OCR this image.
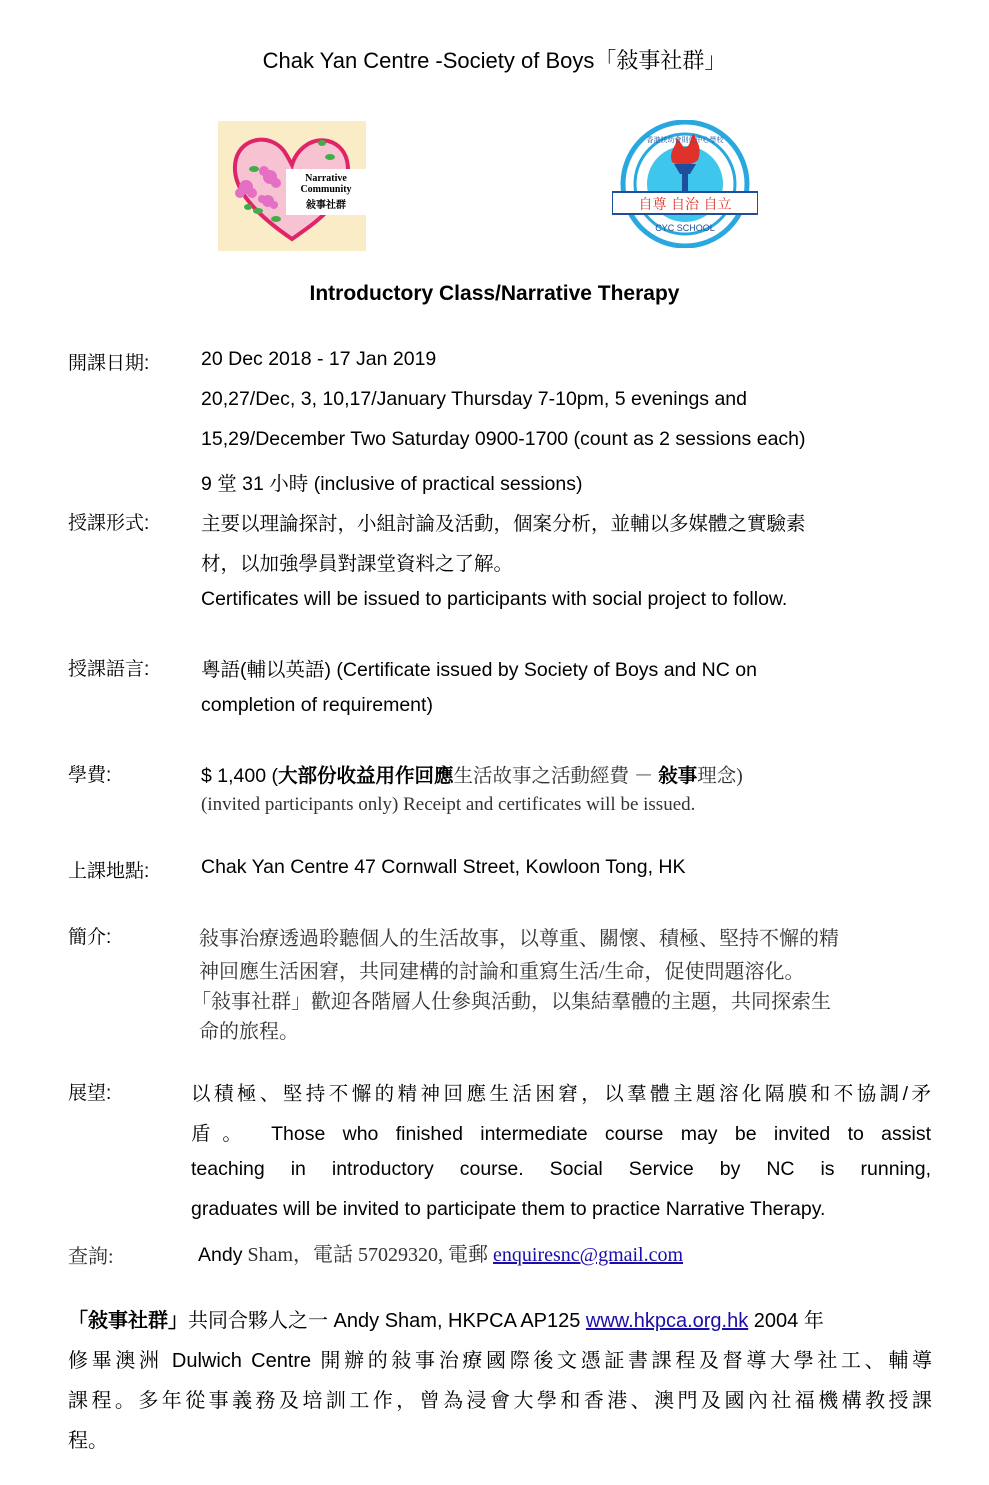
Chak Yan Centre -Society of Boys「敍事社群」
Narrative
Community
敍事社群	自尊 自治 自立
CYC SCHOOL
香港扶幼會則仁中心學校
Introductory Class/Narrative Therapy
開課日期:	20 Dec 2018 - 17 Jan 2019
20,27/Dec, 3, 10,17/January Thursday 7-10pm, 5 evenings and
15,29/December Two Saturday 0900-1700 (count as 2 sessions each)
9 堂 31 小時 (inclusive of practical sessions)
授課形式:	主要以理論探討，小組討論及活動，個案分析，並輔以多媒體之實驗素
材，以加強學員對課堂資料之了解。
Certificates will be issued to participants with social project to follow.
授課語言:	粵語(輔以英語) (Certificate issued by Society of Boys and NC on
completion of requirement)
學費:	$ 1,400 (大部份收益用作回應生活故事之活動經費 － 敍事理念)
(invited participants only) Receipt and certificates will be issued.
上課地點:	Chak Yan Centre 47 Cornwall Street, Kowloon Tong, HK
簡介:	敍事治療透過聆聽個人的生活故事，以尊重、關懷、積極、堅持不懈的精
神回應生活困窘，共同建構的討論和重寫生活/生命，促使問題溶化。
「敍事社群」歡迎各階層人仕參與活動，以集結羣體的主題，共同探索生
命的旅程。
展望:	以積極、堅持不懈的精神回應生活困窘，以羣體主題溶化隔膜和不協調/矛
盾。 Those who finished intermediate course may be invited to assist
teaching in introductory course. Social Service by NC is running,
graduates will be invited to participate them to practice Narrative Therapy.
查詢:	Andy Sham，電話 57029320, 電郵 enquiresnc@gmail.com
「敍事社群」共同合夥人之一 Andy Sham, HKPCA AP125 www.hkpca.org.hk 2004 年
修畢澳洲 Dulwich Centre 開辦的敍事治療國際後文憑証書課程及督導大學社工、輔導
課程。多年從事義務及培訓工作，曾為浸會大學和香港、澳門及國內社福機構教授課
程。
